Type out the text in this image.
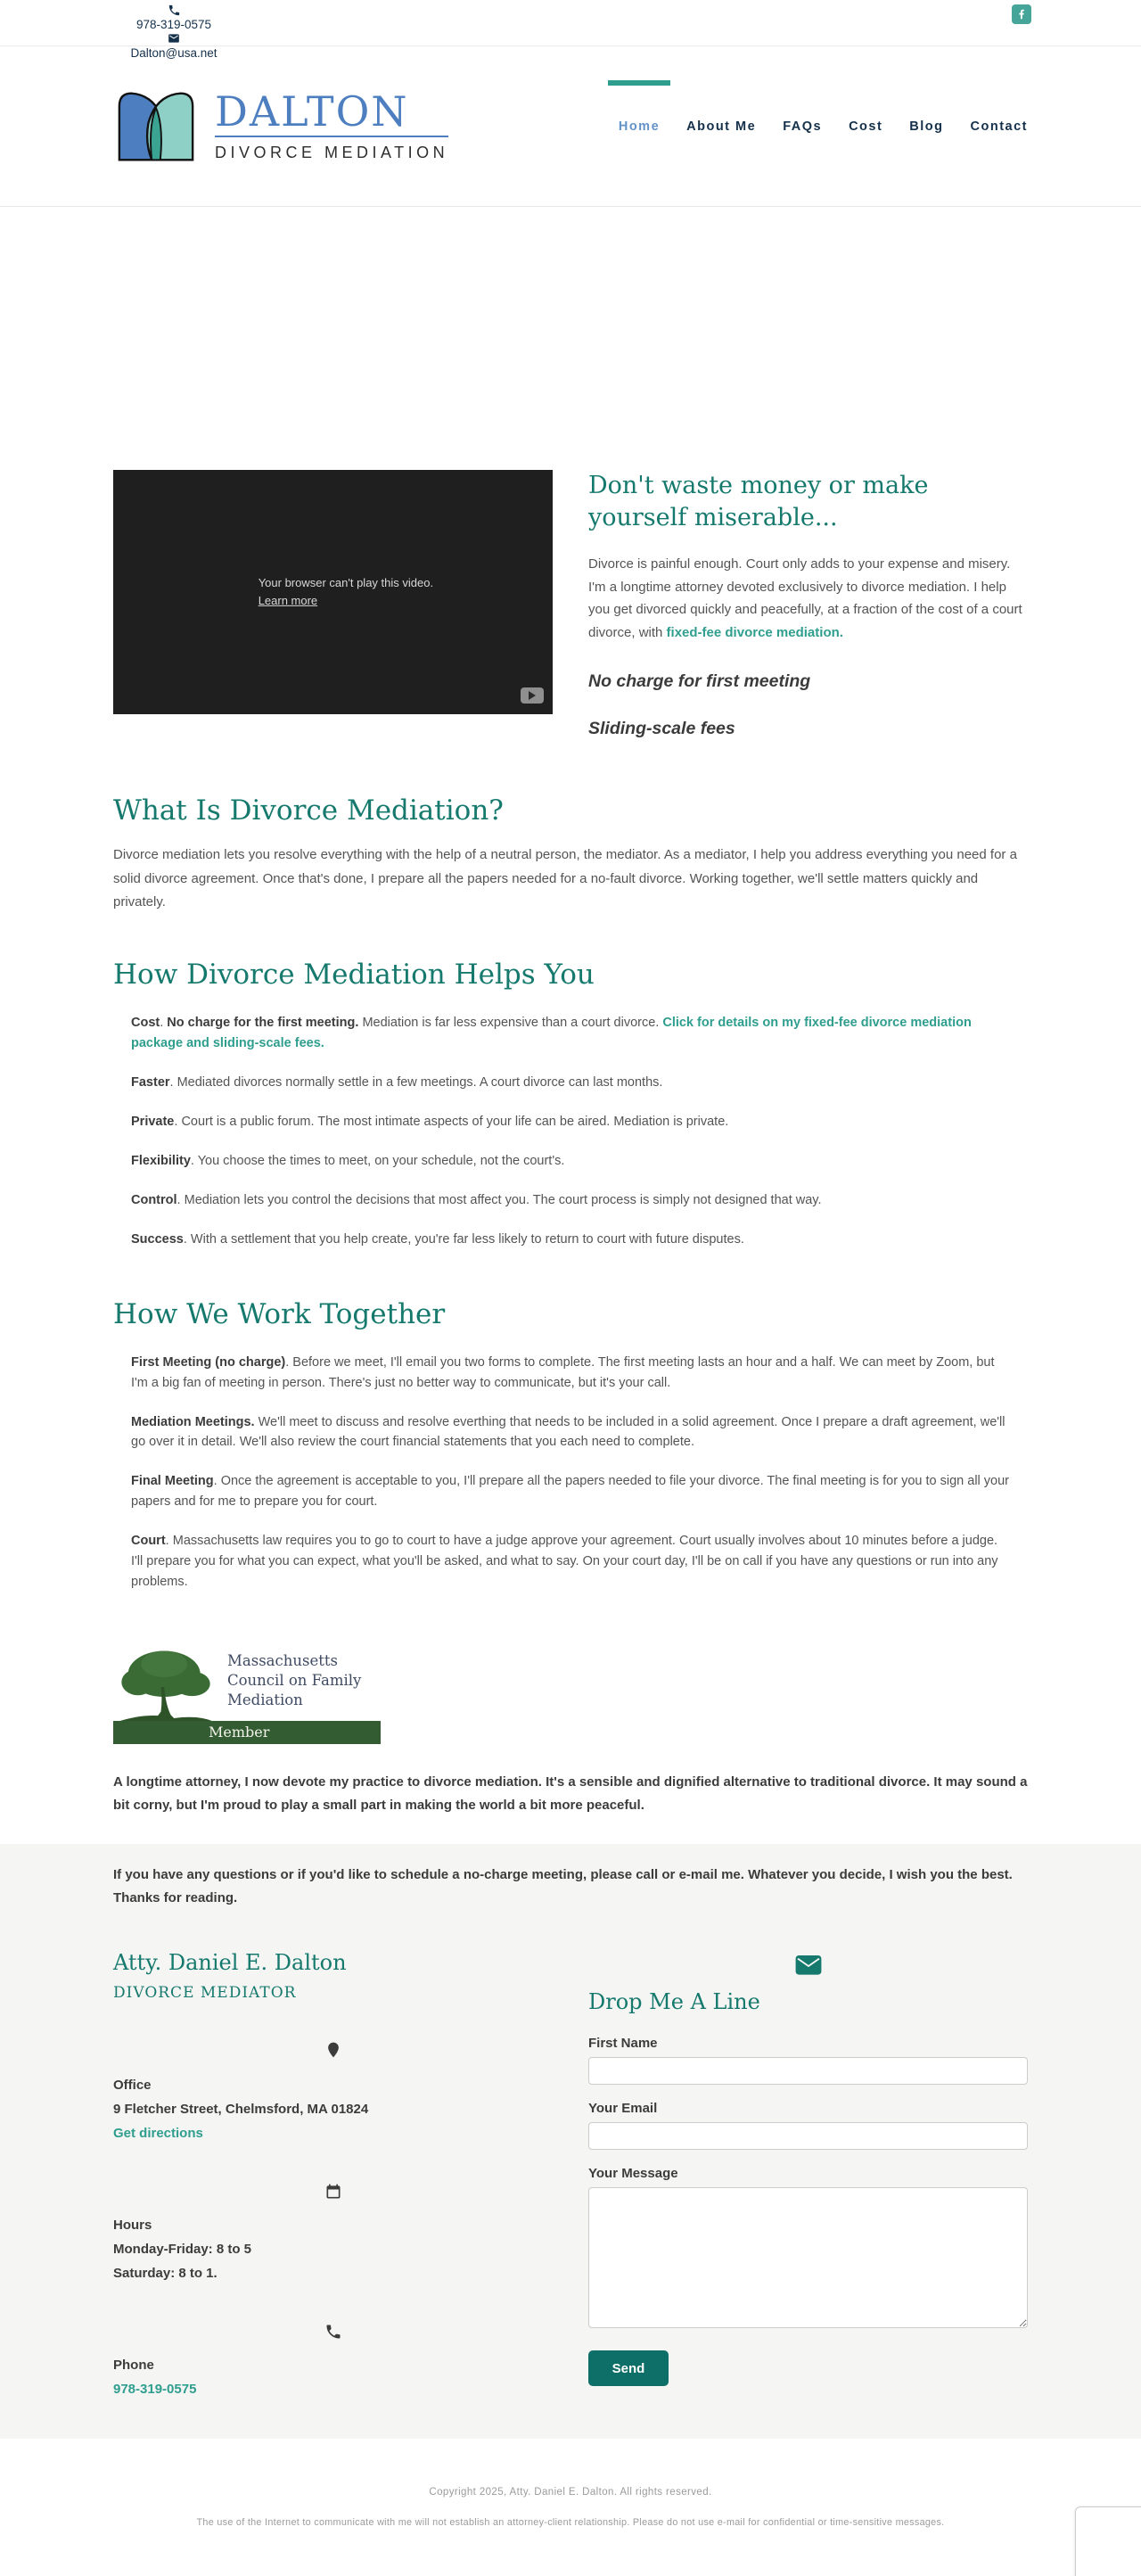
978-319-0575
Dalton@usa.net
DALTON
DIVORCE MEDIATION
Home About Me FAQs Cost Blog Contact
Your browser can't play this video.
Learn more
Don't waste money or make yourself miserable...

Divorce is painful enough. Court only adds to your expense and misery. I'm a longtime attorney devoted exclusively to divorce mediation. I help you get divorced quickly and peacefully, at a fraction of the cost of a court divorce, with fixed-fee divorce mediation.

No charge for first meeting
Sliding-scale fees
What Is Divorce Mediation?

Divorce mediation lets you resolve everything with the help of a neutral person, the mediator. As a mediator, I help you address everything you need for a solid divorce agreement. Once that's done, I prepare all the papers needed for a no-fault divorce. Working together, we'll settle matters quickly and privately.

How Divorce Mediation Helps You

Cost. No charge for the first meeting. Mediation is far less expensive than a court divorce. Click for details on my fixed-fee divorce mediation package and sliding-scale fees.

Faster. Mediated divorces normally settle in a few meetings. A court divorce can last months.

Private. Court is a public forum. The most intimate aspects of your life can be aired. Mediation is private.

Flexibility. You choose the times to meet, on your schedule, not the court's.

Control. Mediation lets you control the decisions that most affect you. The court process is simply not designed that way.

Success. With a settlement that you help create, you're far less likely to return to court with future disputes.

How We Work Together

First Meeting (no charge). Before we meet, I'll email you two forms to complete. The first meeting lasts an hour and a half. We can meet by Zoom, but I'm a big fan of meeting in person. There's just no better way to communicate, but it's your call.

Mediation Meetings. We'll meet to discuss and resolve everthing that needs to be included in a solid agreement. Once I prepare a draft agreement, we'll go over it in detail. We'll also review the court financial statements that you each need to complete.

Final Meeting. Once the agreement is acceptable to you, I'll prepare all the papers needed to file your divorce. The final meeting is for you to sign all your papers and for me to prepare you for court.

Court. Massachusetts law requires you to go to court to have a judge approve your agreement. Court usually involves about 10 minutes before a judge. I'll prepare you for what you can expect, what you'll be asked, and what to say. On your court day, I'll be on call if you have any questions or run into any problems.

Massachusetts Council on Family Mediation
Member

A longtime attorney, I now devote my practice to divorce mediation. It's a sensible and dignified alternative to traditional divorce. It may sound a bit corny, but I'm proud to play a small part in making the world a bit more peaceful.

If you have any questions or if you'd like to schedule a no-charge meeting, please call or e-mail me. Whatever you decide, I wish you the best. Thanks for reading.

Atty. Daniel E. Dalton
DIVORCE MEDIATOR
Office
9 Fletcher Street, Chelmsford, MA 01824
Get directions
Hours
Monday-Friday: 8 to 5
Saturday: 8 to 1.
Phone
978-319-0575
Drop Me A Line
First Name
Your Email
Your Message
Send
Copyright 2025, Atty. Daniel E. Dalton. All rights reserved.
The use of the Internet to communicate with me will not establish an attorney-client relationship. Please do not use e-mail for confidential or time-sensitive messages.
